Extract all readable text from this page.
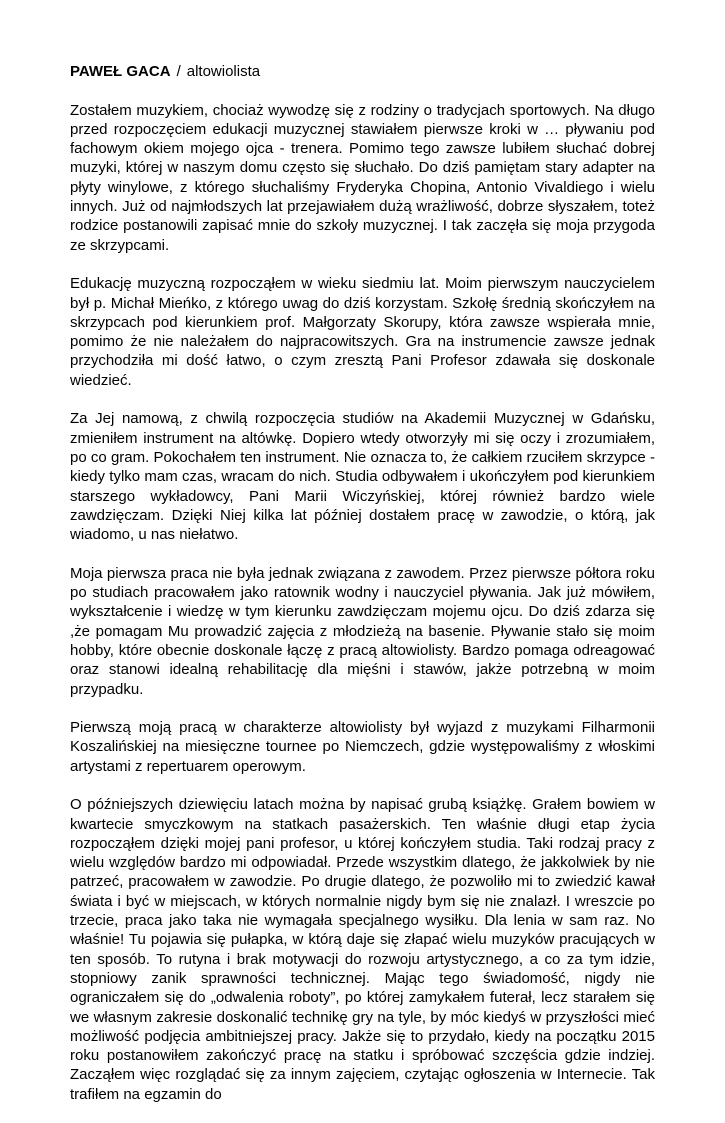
PAWEŁ GACA / altowiolista

Zostałem muzykiem, chociaż wywodzę się z rodziny o tradycjach sportowych. Na długo przed rozpoczęciem edukacji muzycznej stawiałem pierwsze kroki w … pływaniu pod fachowym okiem mojego ojca - trenera. Pomimo tego zawsze lubiłem słuchać dobrej muzyki, której w naszym domu często się słuchało. Do dziś pamiętam stary adapter na płyty winylowe, z którego słuchaliśmy Fryderyka Chopina, Antonio Vivaldiego i wielu innych. Już od najmłodszych lat przejawiałem dużą wrażliwość, dobrze słyszałem, toteż rodzice postanowili zapisać mnie do szkoły muzycznej. I tak zaczęła się moja przygoda ze skrzypcami.

Edukację muzyczną rozpocząłem w wieku siedmiu lat. Moim pierwszym nauczycielem był p. Michał Mieńko, z którego uwag do dziś korzystam. Szkołę średnią skończyłem na skrzypcach pod kierunkiem prof. Małgorzaty Skorupy, która zawsze wspierała mnie, pomimo że nie należałem do najpracowitszych. Gra na instrumencie zawsze jednak przychodziła mi dość łatwo, o czym zresztą Pani Profesor zdawała się doskonale wiedzieć.

Za Jej namową, z chwilą rozpoczęcia studiów na Akademii Muzycznej w Gdańsku, zmieniłem instrument na altówkę. Dopiero wtedy otworzyły mi się oczy i zrozumiałem, po co gram. Pokochałem ten instrument. Nie oznacza to, że całkiem rzuciłem skrzypce - kiedy tylko mam czas, wracam do nich. Studia odbywałem i ukończyłem pod kierunkiem starszego wykładowcy, Pani Marii Wiczyńskiej, której również bardzo wiele zawdzięczam. Dzięki Niej kilka lat później dostałem pracę w zawodzie, o którą, jak wiadomo, u nas niełatwo.

Moja pierwsza praca nie była jednak związana z zawodem. Przez pierwsze półtora roku po studiach pracowałem jako ratownik wodny i nauczyciel pływania. Jak już mówiłem, wykształcenie i wiedzę w tym kierunku zawdzięczam mojemu ojcu. Do dziś zdarza się ,że pomagam Mu prowadzić zajęcia z młodzieżą na basenie. Pływanie stało się moim hobby, które obecnie doskonale łączę z pracą altowiolisty. Bardzo pomaga odreagować oraz stanowi idealną rehabilitację dla mięśni i stawów, jakże potrzebną w moim przypadku.

Pierwszą moją pracą w charakterze altowiolisty był wyjazd z muzykami Filharmonii Koszalińskiej na miesięczne tournee po Niemczech, gdzie występowaliśmy z włoskimi artystami z repertuarem operowym.

O późniejszych dziewięciu latach można by napisać grubą książkę. Grałem bowiem w kwartecie smyczkowym na statkach pasażerskich. Ten właśnie długi etap życia rozpocząłem dzięki mojej pani profesor, u której kończyłem studia. Taki rodzaj pracy z wielu względów bardzo mi odpowiadał. Przede wszystkim dlatego, że jakkolwiek by nie patrzeć, pracowałem w zawodzie. Po drugie dlatego, że pozwoliło mi to zwiedzić kawał świata i być w miejscach, w których normalnie nigdy bym się nie znalazł. I wreszcie po trzecie, praca jako taka nie wymagała specjalnego wysiłku. Dla lenia w sam raz. No właśnie! Tu pojawia się pułapka, w którą daje się złapać wielu muzyków pracujących w ten sposób. To rutyna i brak motywacji do rozwoju artystycznego, a co za tym idzie, stopniowy zanik sprawności technicznej. Mając tego świadomość, nigdy nie ograniczałem się do „odwalenia roboty”, po której zamykałem futerał, lecz starałem się we własnym zakresie doskonalić technikę gry na tyle, by móc kiedyś w przyszłości mieć możliwość podjęcia ambitniejszej pracy. Jakże się to przydało, kiedy na początku 2015 roku postanowiłem zakończyć pracę na statku i spróbować szczęścia gdzie indziej. Zacząłem więc rozglądać się za innym zajęciem, czytając ogłoszenia w Internecie. Tak trafiłem na egzamin do
